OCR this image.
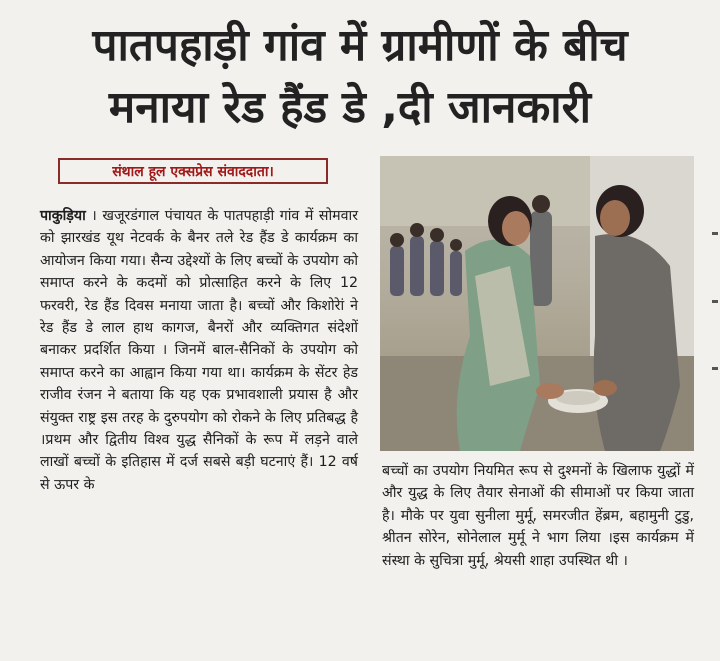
पातपहाड़ी गांव में ग्रामीणों के बीच
मनाया रेड हैंड डे ,दी जानकारी
संथाल हूल एक्सप्रेस संवाददाता।
पाकुड़िया । खजूरडंगाल पंचायत के पातपहाड़ी गांव में सोमवार को झारखंड यूथ नेटवर्क के बैनर तले रेड हैंड डे कार्यक्रम का आयोजन किया गया। सैन्य उद्देश्यों के लिए बच्चों के उपयोग को समाप्त करने के कदमों को प्रोत्साहित करने के लिए 12 फरवरी, रेड हैंड दिवस मनाया जाता है। बच्चों और किशोरेां ने रेड हैंड डे लाल हाथ कागज, बैनरों और व्यक्तिगत संदेशों बनाकर प्रदर्शित किया । जिनमें बाल-सैनिकों के उपयोग को समाप्त करने का आह्वान किया गया था। कार्यक्रम के सेंटर हेड राजीव रंजन ने बताया कि यह एक प्रभावशाली प्रयास है और संयुक्त राष्ट्र इस तरह के दुरुपयोग को रोकने के लिए प्रतिबद्ध है ।प्रथम और द्वितीय विश्व युद्ध सैनिकों के रूप में लड़ने वाले लाखों बच्चों के इतिहास में दर्ज सबसे बड़ी घटनाएं हैं। 12 वर्ष से ऊपर के
बच्चों का उपयोग नियमित रूप से दुश्मनों के खिलाफ युद्धों में और युद्ध के लिए तैयार सेनाओं की सीमाओं पर किया जाता है। मौके पर युवा सुनीला मुर्मू, समरजीत हेंब्रम, बहामुनी टुडु, श्रीतन सोरेन, सोनेलाल मुर्मू ने भाग लिया ।इस कार्यक्रम में संस्था के सुचित्रा मुर्मू, श्रेयसी शाहा उपस्थित थी ।
